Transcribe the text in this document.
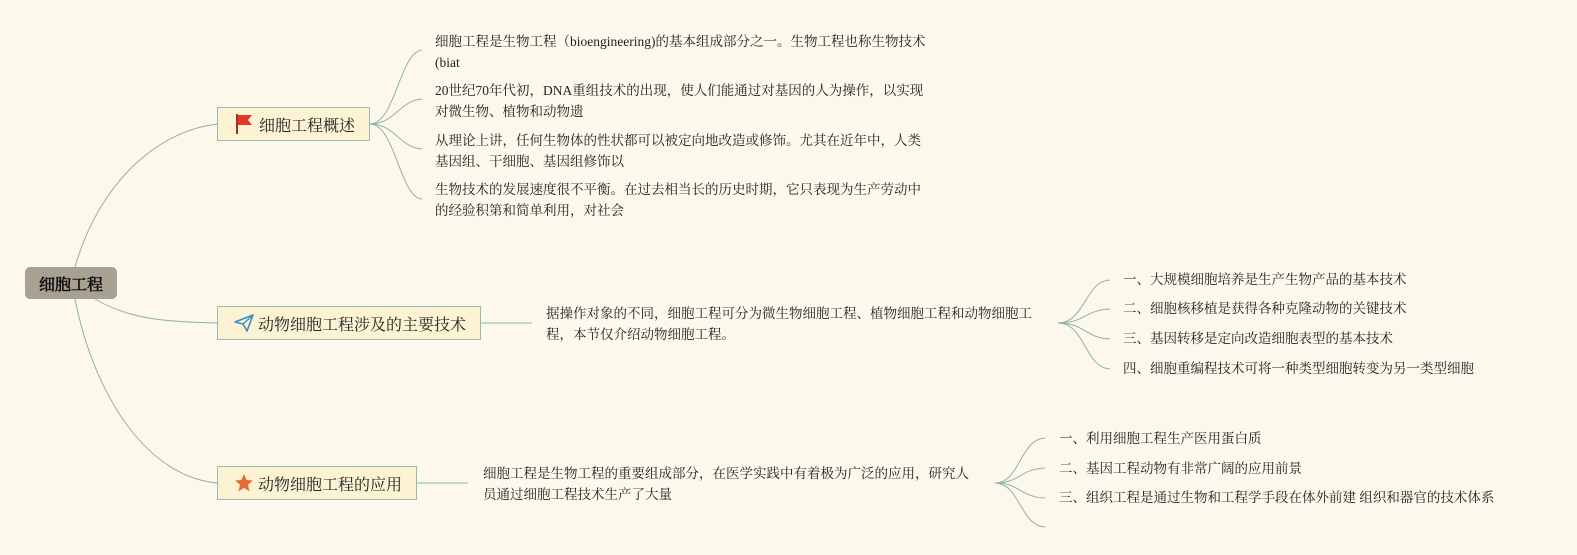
细胞工程
细胞工程概述
细胞工程是生物工程（bioengineering)的基本组成部分之一。生物工程也称生物技术(biat
20世纪70年代初，DNA重组技术的出现，使人们能通过对基因的人为操作，以实现对微生物、植物和动物遗
从理论上讲，任何生物体的性状都可以被定向地改造或修饰。尤其在近年中，人类基因组、干细胞、基因组修饰以
生物技术的发展速度很不平衡。在过去相当长的历史时期，它只表现为生产劳动中的经验积第和简单利用，对社会
动物细胞工程涉及的主要技术
据操作对象的不同，细胞工程可分为微生物细胞工程、植物细胞工程和动物细胞工程，本节仅介绍动物细胞工程。
一、大规模细胞培养是生产生物产品的基本技术
二、细胞核移植是获得各种克隆动物的关键技术
三、基因转移是定向改造细胞表型的基本技术
四、细胞重编程技术可将一种类型细胞转变为另一类型细胞
动物细胞工程的应用
细胞工程是生物工程的重要组成部分，在医学实践中有着极为广泛的应用，研究人员通过细胞工程技术生产了大量
一、利用细胞工程生产医用蛋白质
二、基因工程动物有非常广阔的应用前景
三、组织工程是通过生物和工程学手段在体外前建 组织和器官的技术体系
